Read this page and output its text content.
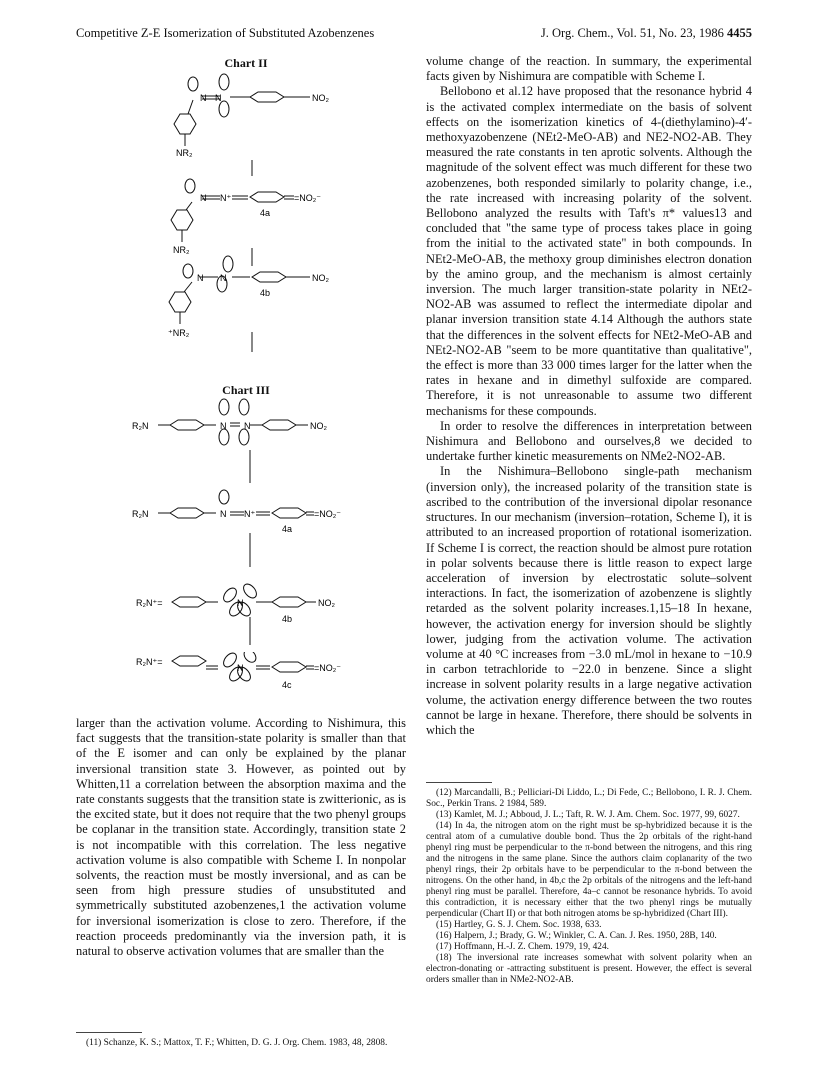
Competitive Z-E Isomerization of Substituted Azobenzenes	J. Org. Chem., Vol. 51, No. 23, 1986 4455
Chart II
N N	NO₂
NR₂
N N⁺	=NO₂⁻
4a
NR₂
N N	NO₂
4b
⁺NR₂
Chart III
R₂N	N N	NO₂
R₂N	N N⁺	=NO₂⁻
4a
R₂N⁺=	N	NO₂
4b
R₂N⁺=
N	=NO₂⁻
4c

larger than the activation volume. According to Nishimura, this fact suggests that the transition-state polarity is smaller than that of the E isomer and can only be explained by the planar inversional transition state 3. However, as pointed out by Whitten,11 a correlation between the absorption maxima and the rate constants suggests that the transition state is zwitterionic, as is the excited state, but it does not require that the two phenyl groups be coplanar in the transition state. Accordingly, transition state 2 is not incompatible with this correlation. The less negative activation volume is also compatible with Scheme I. In nonpolar solvents, the reaction must be mostly inversional, and as can be seen from high pressure studies of unsubstituted and symmetrically substituted azobenzenes,1 the activation volume for inversional isomerization is close to zero. Therefore, if the reaction proceeds predominantly via the inversion path, it is natural to observe activation volumes that are smaller than the

(11) Schanze, K. S.; Mattox, T. F.; Whitten, D. G. J. Org. Chem. 1983, 48, 2808.

volume change of the reaction. In summary, the experimental facts given by Nishimura are compatible with Scheme I.

Bellobono et al.12 have proposed that the resonance hybrid 4 is the activated complex intermediate on the basis of solvent effects on the isomerization kinetics of 4-(diethylamino)-4′-methoxyazobenzene (NEt2-MeO-AB) and NE2-NO2-AB. They measured the rate constants in ten aprotic solvents. Although the magnitude of the solvent effect was much different for these two azobenzenes, both responded similarly to polarity change, i.e., the rate increased with increasing polarity of the solvent. Bellobono analyzed the results with Taft's π* values13 and concluded that "the same type of process takes place in going from the initial to the activated state" in both compounds. In NEt2-MeO-AB, the methoxy group diminishes electron donation by the amino group, and the mechanism is almost certainly inversion. The much larger transition-state polarity in NEt2-NO2-AB was assumed to reflect the intermediate dipolar and planar inversion transition state 4.14 Although the authors state that the differences in the solvent effects for NEt2-MeO-AB and NEt2-NO2-AB "seem to be more quantitative than qualitative", the effect is more than 33 000 times larger for the latter when the rates in hexane and in dimethyl sulfoxide are compared. Therefore, it is not unreasonable to assume two different mechanisms for these compounds.

In order to resolve the differences in interpretation between Nishimura and Bellobono and ourselves,8 we decided to undertake further kinetic measurements on NMe2-NO2-AB.

In the Nishimura–Bellobono single-path mechanism (inversion only), the increased polarity of the transition state is ascribed to the contribution of the inversional dipolar resonance structures. In our mechanism (inversion–rotation, Scheme I), it is attributed to an increased proportion of rotational isomerization. If Scheme I is correct, the reaction should be almost pure rotation in polar solvents because there is little reason to expect large acceleration of inversion by electrostatic solute–solvent interactions. In fact, the isomerization of azobenzene is slightly retarded as the solvent polarity increases.1,15–18 In hexane, however, the activation energy for inversion should be slightly lower, judging from the activation volume. The activation volume at 40 °C increases from −3.0 mL/mol in hexane to −10.9 in carbon tetrachloride to −22.0 in benzene. Since a slight increase in solvent polarity results in a large negative activation volume, the activation energy difference between the two routes cannot be large in hexane. Therefore, there should be solvents in which the

(12) Marcandalli, B.; Pelliciari-Di Liddo, L.; Di Fede, C.; Bellobono, I. R. J. Chem. Soc., Perkin Trans. 2 1984, 589.

(13) Kamlet, M. J.; Abboud, J. L.; Taft, R. W. J. Am. Chem. Soc. 1977, 99, 6027.

(14) In 4a, the nitrogen atom on the right must be sp-hybridized because it is the central atom of a cumulative double bond. Thus the 2p orbitals of the right-hand phenyl ring must be perpendicular to the π-bond between the nitrogens, and this ring and the nitrogens in the same plane. Since the authors claim coplanarity of the two phenyl rings, their 2p orbitals have to be perpendicular to the π-bond between the nitrogens. On the other hand, in 4b,c the 2p orbitals of the nitrogens and the left-hand phenyl ring must be parallel. Therefore, 4a–c cannot be resonance hybrids. To avoid this contradiction, it is necessary either that the two phenyl rings be mutually perpendicular (Chart II) or that both nitrogen atoms be sp-hybridized (Chart III).

(15) Hartley, G. S. J. Chem. Soc. 1938, 633.

(16) Halpern, J.; Brady, G. W.; Winkler, C. A. Can. J. Res. 1950, 28B, 140.

(17) Hoffmann, H.-J. Z. Chem. 1979, 19, 424.

(18) The inversional rate increases somewhat with solvent polarity when an electron-donating or -attracting substituent is present. However, the effect is several orders smaller than in NMe2-NO2-AB.
